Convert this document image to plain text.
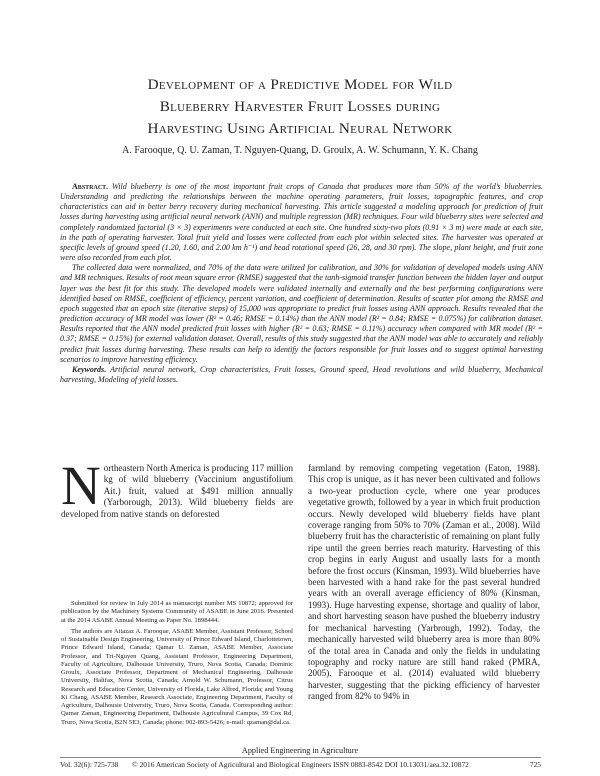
Development of a Predictive Model for Wild
Blueberry Harvester Fruit Losses during
Harvesting Using Artificial Neural Network
A. Farooque, Q. U. Zaman, T. Nguyen-Quang, D. Groulx, A. W. Schumann, Y. K. Chang

Abstract. Wild blueberry is one of the most important fruit crops of Canada that produces more than 50% of the world’s blueberries. Understanding and predicting the relationships between the machine operating parameters, fruit losses, topographic features, and crop characteristics can aid in better berry recovery during mechanical harvesting. This article suggested a modeling approach for prediction of fruit losses during harvesting using artificial neural network (ANN) and multiple regression (MR) techniques. Four wild blueberry sites were selected and completely randomized factorial (3 × 3) experiments were conducted at each site. One hundred sixty-two plots (0.91 × 3 m) were made at each site, in the path of operating harvester. Total fruit yield and losses were collected from each plot within selected sites. The harvester was operated at specific levels of ground speed (1.20, 1.60, and 2.00 km h⁻¹) and head rotational speed (26, 28, and 30 rpm). The slope, plant height, and fruit zone were also recorded from each plot.

The collected data were normalized, and 70% of the data were utilized for calibration, and 30% for validation of developed models using ANN and MR techniques. Results of root mean square error (RMSE) suggested that the tanh-sigmoid transfer function between the hidden layer and output layer was the best fit for this study. The developed models were validated internally and externally and the best performing configurations were identified based on RMSE, coefficient of efficiency, percent variation, and coefficient of determination. Results of scatter plot among the RMSE and epoch suggested that an epoch size (iterative steps) of 15,000 was appropriate to predict fruit losses using ANN approach. Results revealed that the prediction accuracy of MR model was lower (R² = 0.46; RMSE = 0.14%) than the ANN model (R² = 0.84; RMSE = 0.075%) for calibration dataset. Results reported that the ANN model predicted fruit losses with higher (R² = 0.63; RMSE = 0.11%) accuracy when compared with MR model (R² = 0.37; RMSE = 0.15%) for external validation dataset. Overall, results of this study suggested that the ANN model was able to accurately and reliably predict fruit losses during harvesting. These results can help to identify the factors responsible for fruit losses and to suggest optimal harvesting scenarios to improve harvesting efficiency.

Keywords. Artificial neural network, Crop characteristics, Fruit losses, Ground speed, Head revolutions and wild blueberry, Mechanical harvesting, Modeling of yield losses.

Northeastern North America is producing 117 million kg of wild blueberry (Vaccinium angustifolium Ait.) fruit, valued at $491 million annually (Yarborough, 2013). Wild blueberry fields are developed from native stands on deforested

farmland by removing competing vegetation (Eaton, 1988). This crop is unique, as it has never been cultivated and follows a two-year production cycle, where one year produces vegetative growth, followed by a year in which fruit production occurs. Newly developed wild blueberry fields have plant coverage ranging from 50% to 70% (Zaman et al., 2008). Wild blueberry fruit has the characteristic of remaining on plant fully ripe until the green berries reach maturity. Harvesting of this crop begins in early August and usually lasts for a month before the frost occurs (Kinsman, 1993). Wild blueberries have been harvested with a hand rake for the past several hundred years with an overall average efficiency of 80% (Kinsman, 1993). Huge harvesting expense, shortage and quality of labor, and short harvesting season have pushed the blueberry industry for mechanical harvesting (Yarbrough, 1992). Today, the mechanically harvested wild blueberry area is more than 80% of the total area in Canada and only the fields in undulating topography and rocky nature are still hand raked (PMRA, 2005). Farooque et al. (2014) evaluated wild blueberry harvester, suggesting that the picking efficiency of harvester ranged from 82% to 94% in

Submitted for review in July 2014 as manuscript number MS 10872; approved for publication by the Machinery Systems Community of ASABE in June 2016. Presented at the 2014 ASABE Annual Meeting as Paper No. 1898444.

The authors are Aitazaz A. Farooque, ASABE Member, Assistant Professor, School of Sustainable Design Engineering, University of Prince Edward Island, Charlottetown, Prince Edward Island, Canada; Qamar U. Zaman, ASABE Member, Associate Professor, and Tri-Nguyen Quang, Assistant Professor, Engineering Department, Faculty of Agriculture, Dalhousie University, Truro, Nova Scotia, Canada; Dominic Groulx, Associate Professor, Department of Mechanical Engineering, Dalhousie University, Halifax, Nova Scotia, Canada; Arnold W. Schumann, Professor, Citrus Research and Education Center, University of Florida, Lake Alfred, Florida; and Young Ki Chang, ASABE Member, Research Associate, Engineering Department, Faculty of Agriculture, Dalhousie University, Truro, Nova Scotia, Canada. Corresponding author: Qamar Zaman, Engineering Department, Dalhousie Agricultural Campus, 39 Cox Rd, Truro, Nova Scotia, B2N 5E3, Canada; phone: 902-893-5426; e-mail: qzaman@dal.ca.

Applied Engineering in Agriculture
Vol. 32(6): 725-738 © 2016 American Society of Agricultural and Biological Engineers ISSN 0883-8542 DOI 10.13031/aea.32.10872	725
